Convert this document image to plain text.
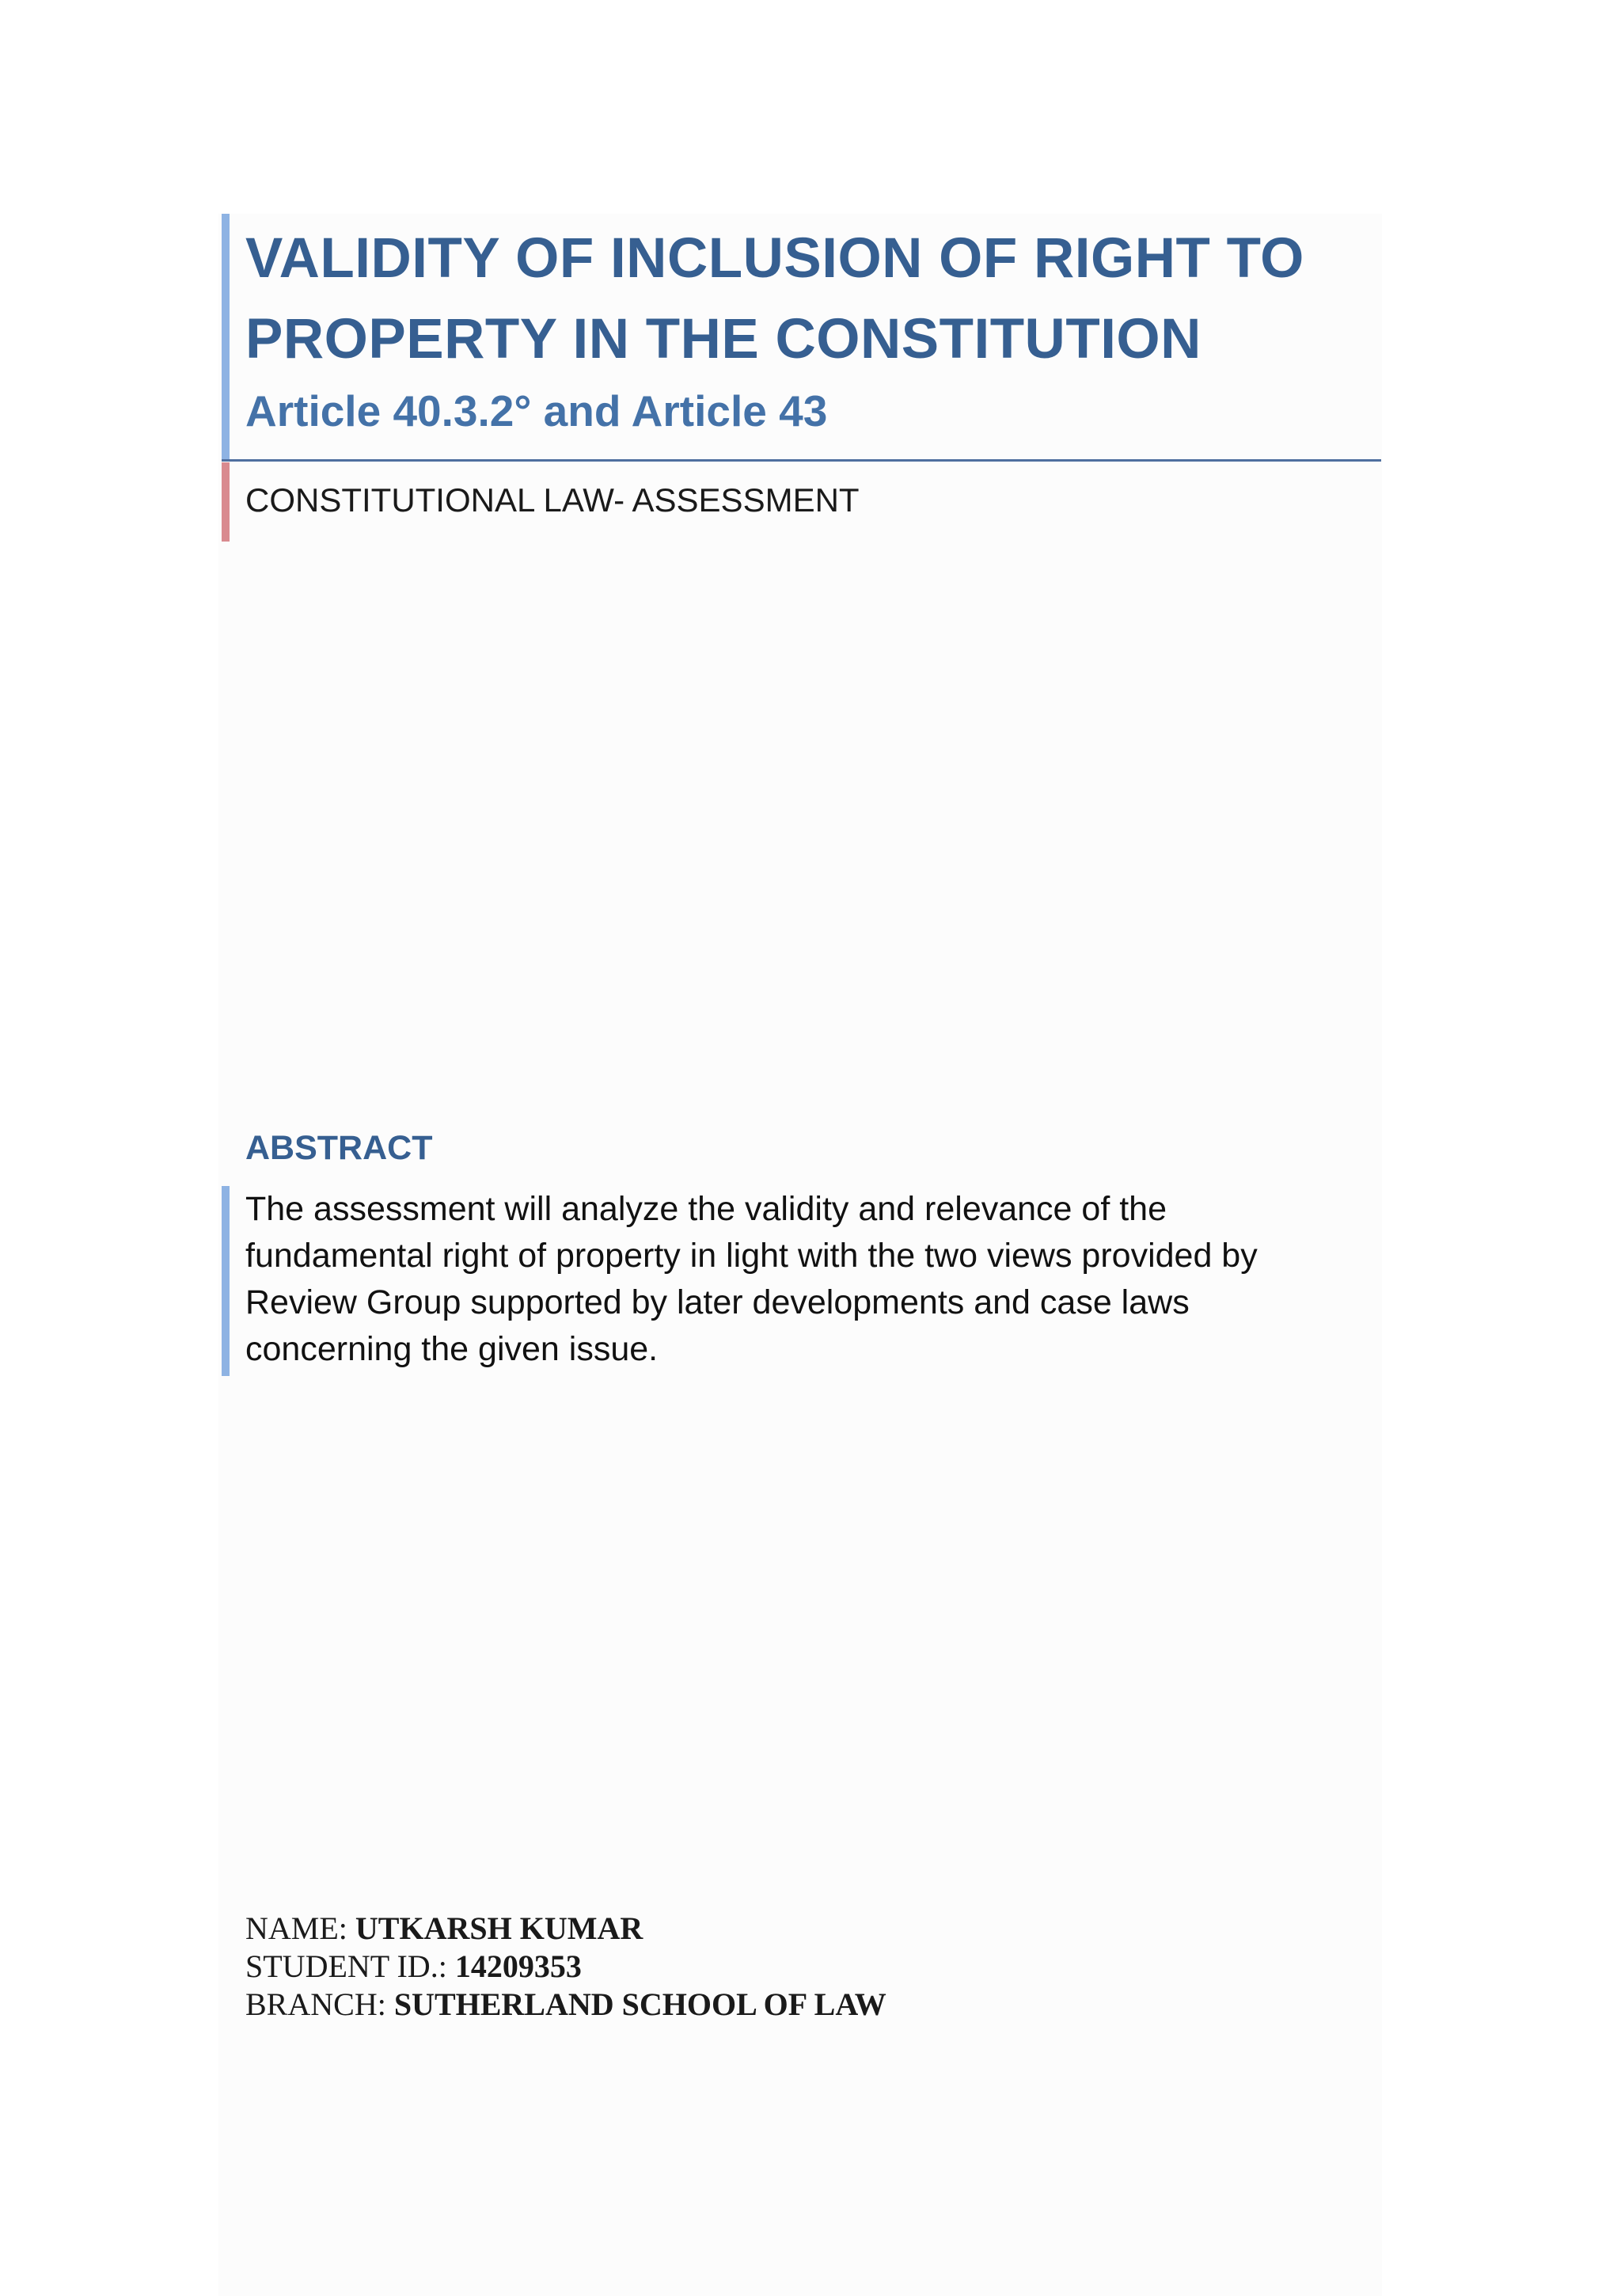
VALIDITY OF INCLUSION OF RIGHT TO PROPERTY IN THE CONSTITUTION
Article 40.3.2° and Article 43

CONSTITUTIONAL LAW- ASSESSMENT

ABSTRACT

The assessment will analyze the validity and relevance of the fundamental right of property in light with the two views provided by Review Group supported by later developments and case laws concerning the given issue.

NAME: UTKARSH KUMAR
STUDENT ID.: 14209353
BRANCH: SUTHERLAND SCHOOL OF LAW
